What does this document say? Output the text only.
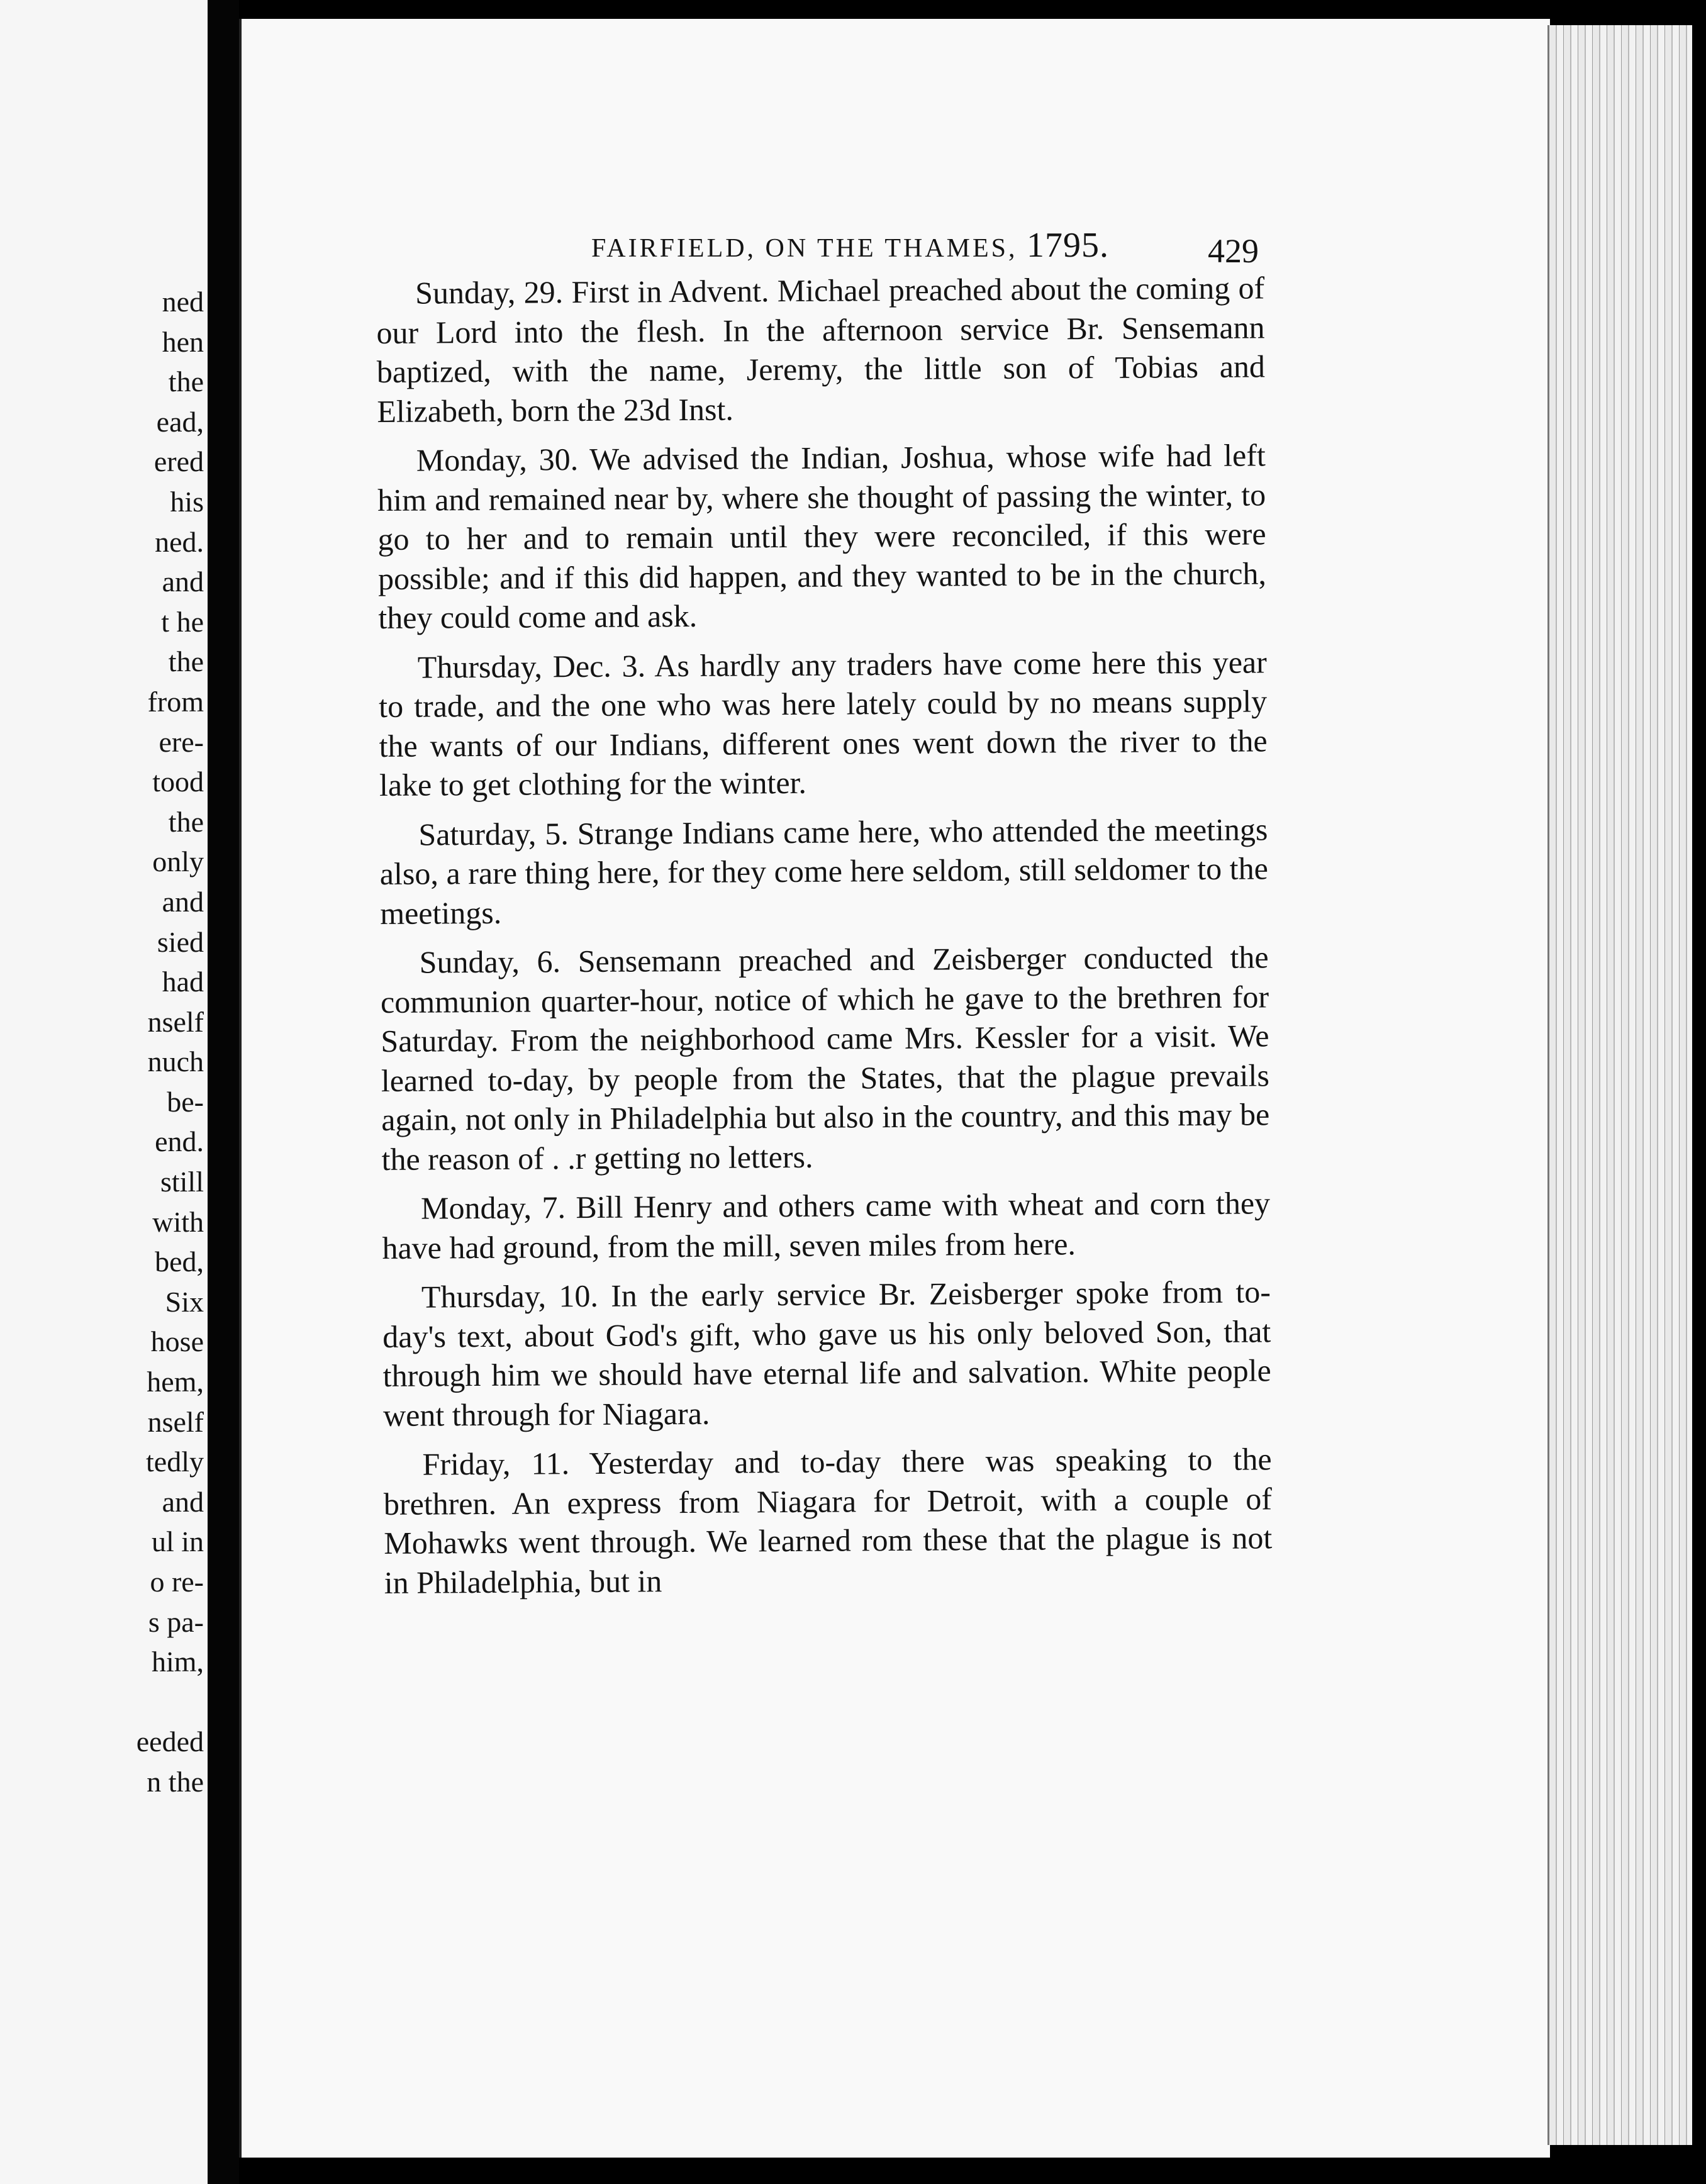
ned
hen
the
ead,
ered
his
ned.
and
t he
the
from
ere-
tood
the
only
and
sied
had
nself
nuch
be-
end.
still
with
bed,
Six
hose
hem,
nself
tedly
and
ul in
o re-
s pa-
him,
eeded
n the
FAIRFIELD, ON THE THAMES, 1795.	429

Sunday, 29. First in Advent. Michael preached about the coming of our Lord into the flesh. In the afternoon service Br. Sensemann baptized, with the name, Jeremy, the little son of Tobias and Elizabeth, born the 23d Inst.

Monday, 30. We advised the Indian, Joshua, whose wife had left him and remained near by, where she thought of passing the winter, to go to her and to remain until they were reconciled, if this were possible; and if this did happen, and they wanted to be in the church, they could come and ask.

Thursday, Dec. 3. As hardly any traders have come here this year to trade, and the one who was here lately could by no means supply the wants of our Indians, different ones went down the river to the lake to get clothing for the winter.

Saturday, 5. Strange Indians came here, who attended the meetings also, a rare thing here, for they come here seldom, still seldomer to the meetings.

Sunday, 6. Sensemann preached and Zeisberger conducted the communion quarter-hour, notice of which he gave to the brethren for Saturday. From the neighborhood came Mrs. Kessler for a visit. We learned to-day, by people from the States, that the plague prevails again, not only in Philadelphia but also in the country, and this may be the reason of . .r getting no letters.

Monday, 7. Bill Henry and others came with wheat and corn they have had ground, from the mill, seven miles from here.

Thursday, 10. In the early service Br. Zeisberger spoke from to-day's text, about God's gift, who gave us his only beloved Son, that through him we should have eternal life and salvation. White people went through for Niagara.

Friday, 11. Yesterday and to-day there was speaking to the brethren. An express from Niagara for Detroit, with a couple of Mohawks went through. We learned rom these that the plague is not in Philadelphia, but in
